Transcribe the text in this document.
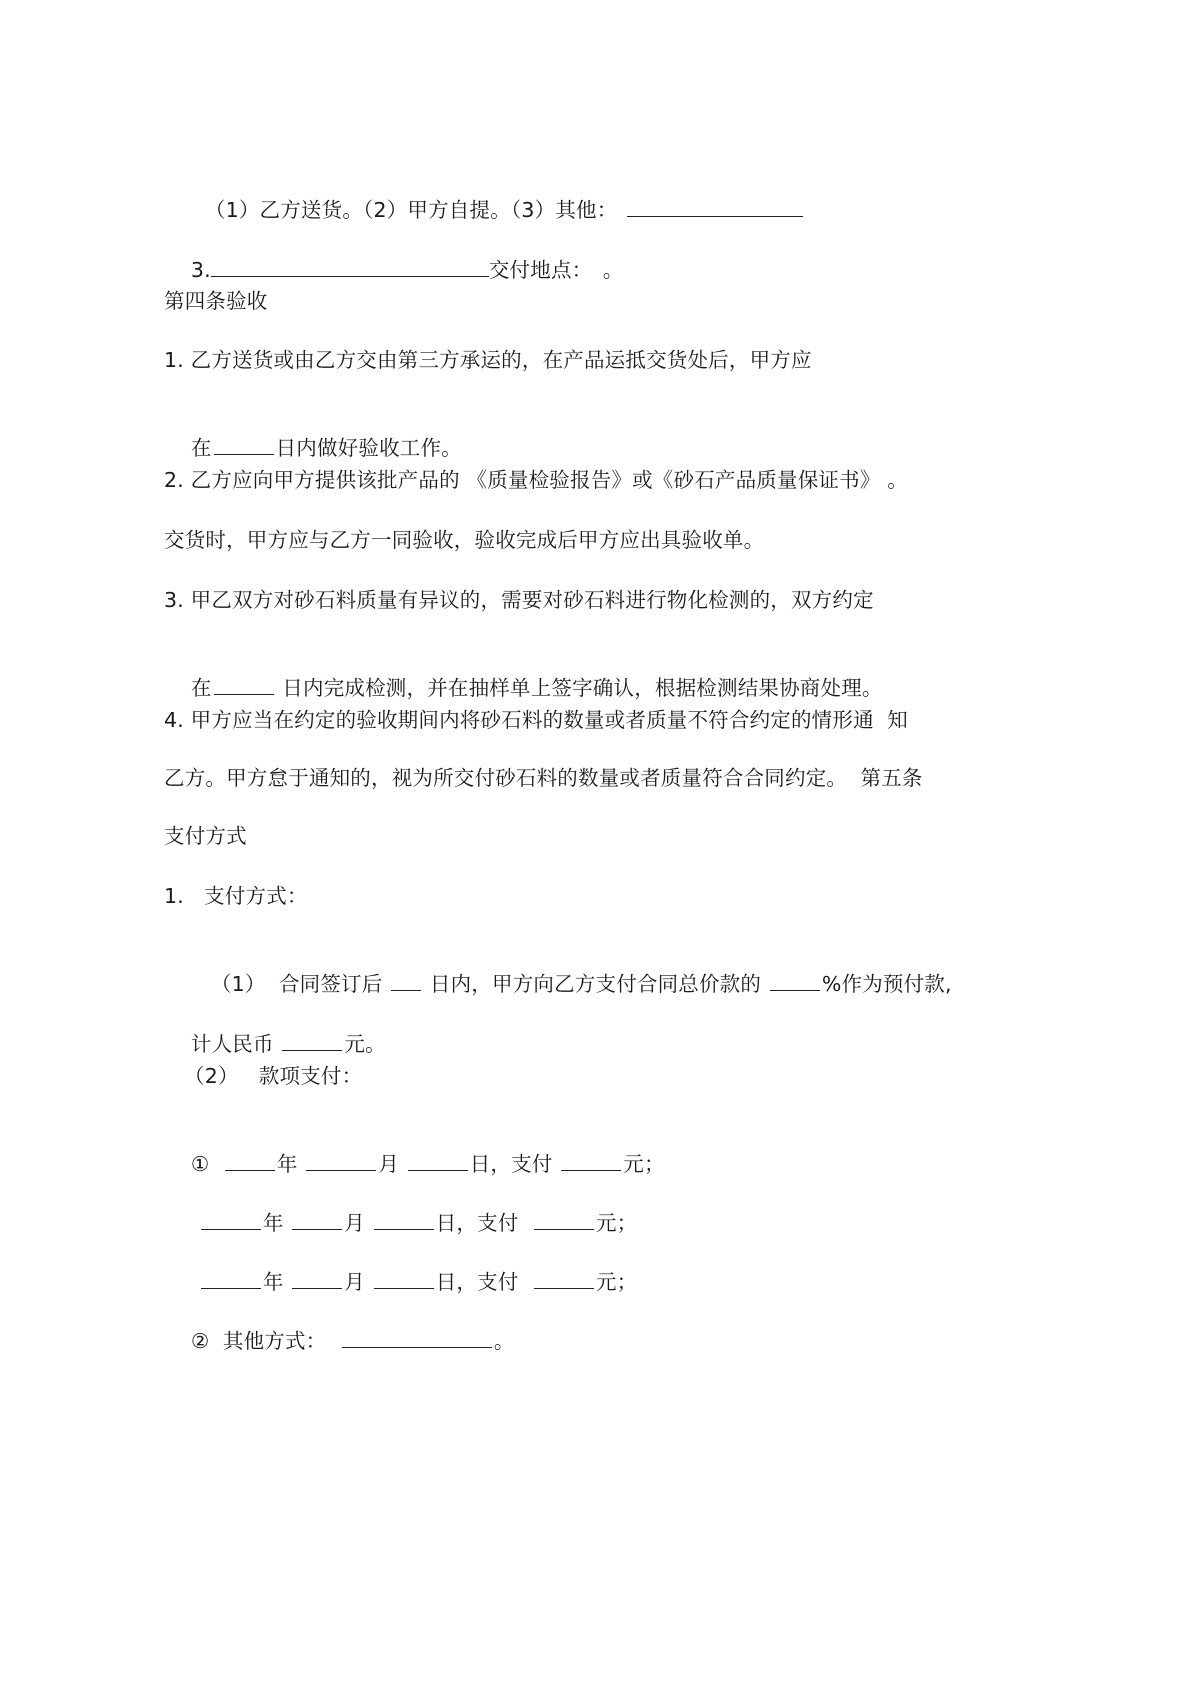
（1）乙方送货。（2）甲方自提。（3）其他：

3.	交付地点：　。

第四条验收
1. 乙方送货或由乙方交由第三方承运的，在产品运抵交货处后，甲方应

在	日内做好验收工作。

2. 乙方应向甲方提供该批产品的 《质量检验报告》或《砂石产品质量保证书》 。
交货时，甲方应与乙方一同验收，验收完成后甲方应出具验收单。
3. 甲乙双方对砂石料质量有异议的，需要对砂石料进行物化检测的，双方约定

在	日内完成检测，并在抽样单上签字确认，根据检测结果协商处理。

4. 甲方应当在约定的验收期间内将砂石料的数量或者质量不符合约定的情形通  知
乙方。甲方怠于通知的，视为所交付砂石料的数量或者质量符合合同约定。  第五条
支付方式
1.   支付方式：

（1）  合同签订后  日内，甲方向乙方支付合同总价款的	%作为预付款,

计人民币	元。

（2）   款项支付：

①	年	月	日，支付	元；

年	月	日，支付	元；

年	月	日，支付	元；

②  其他方式：	。
